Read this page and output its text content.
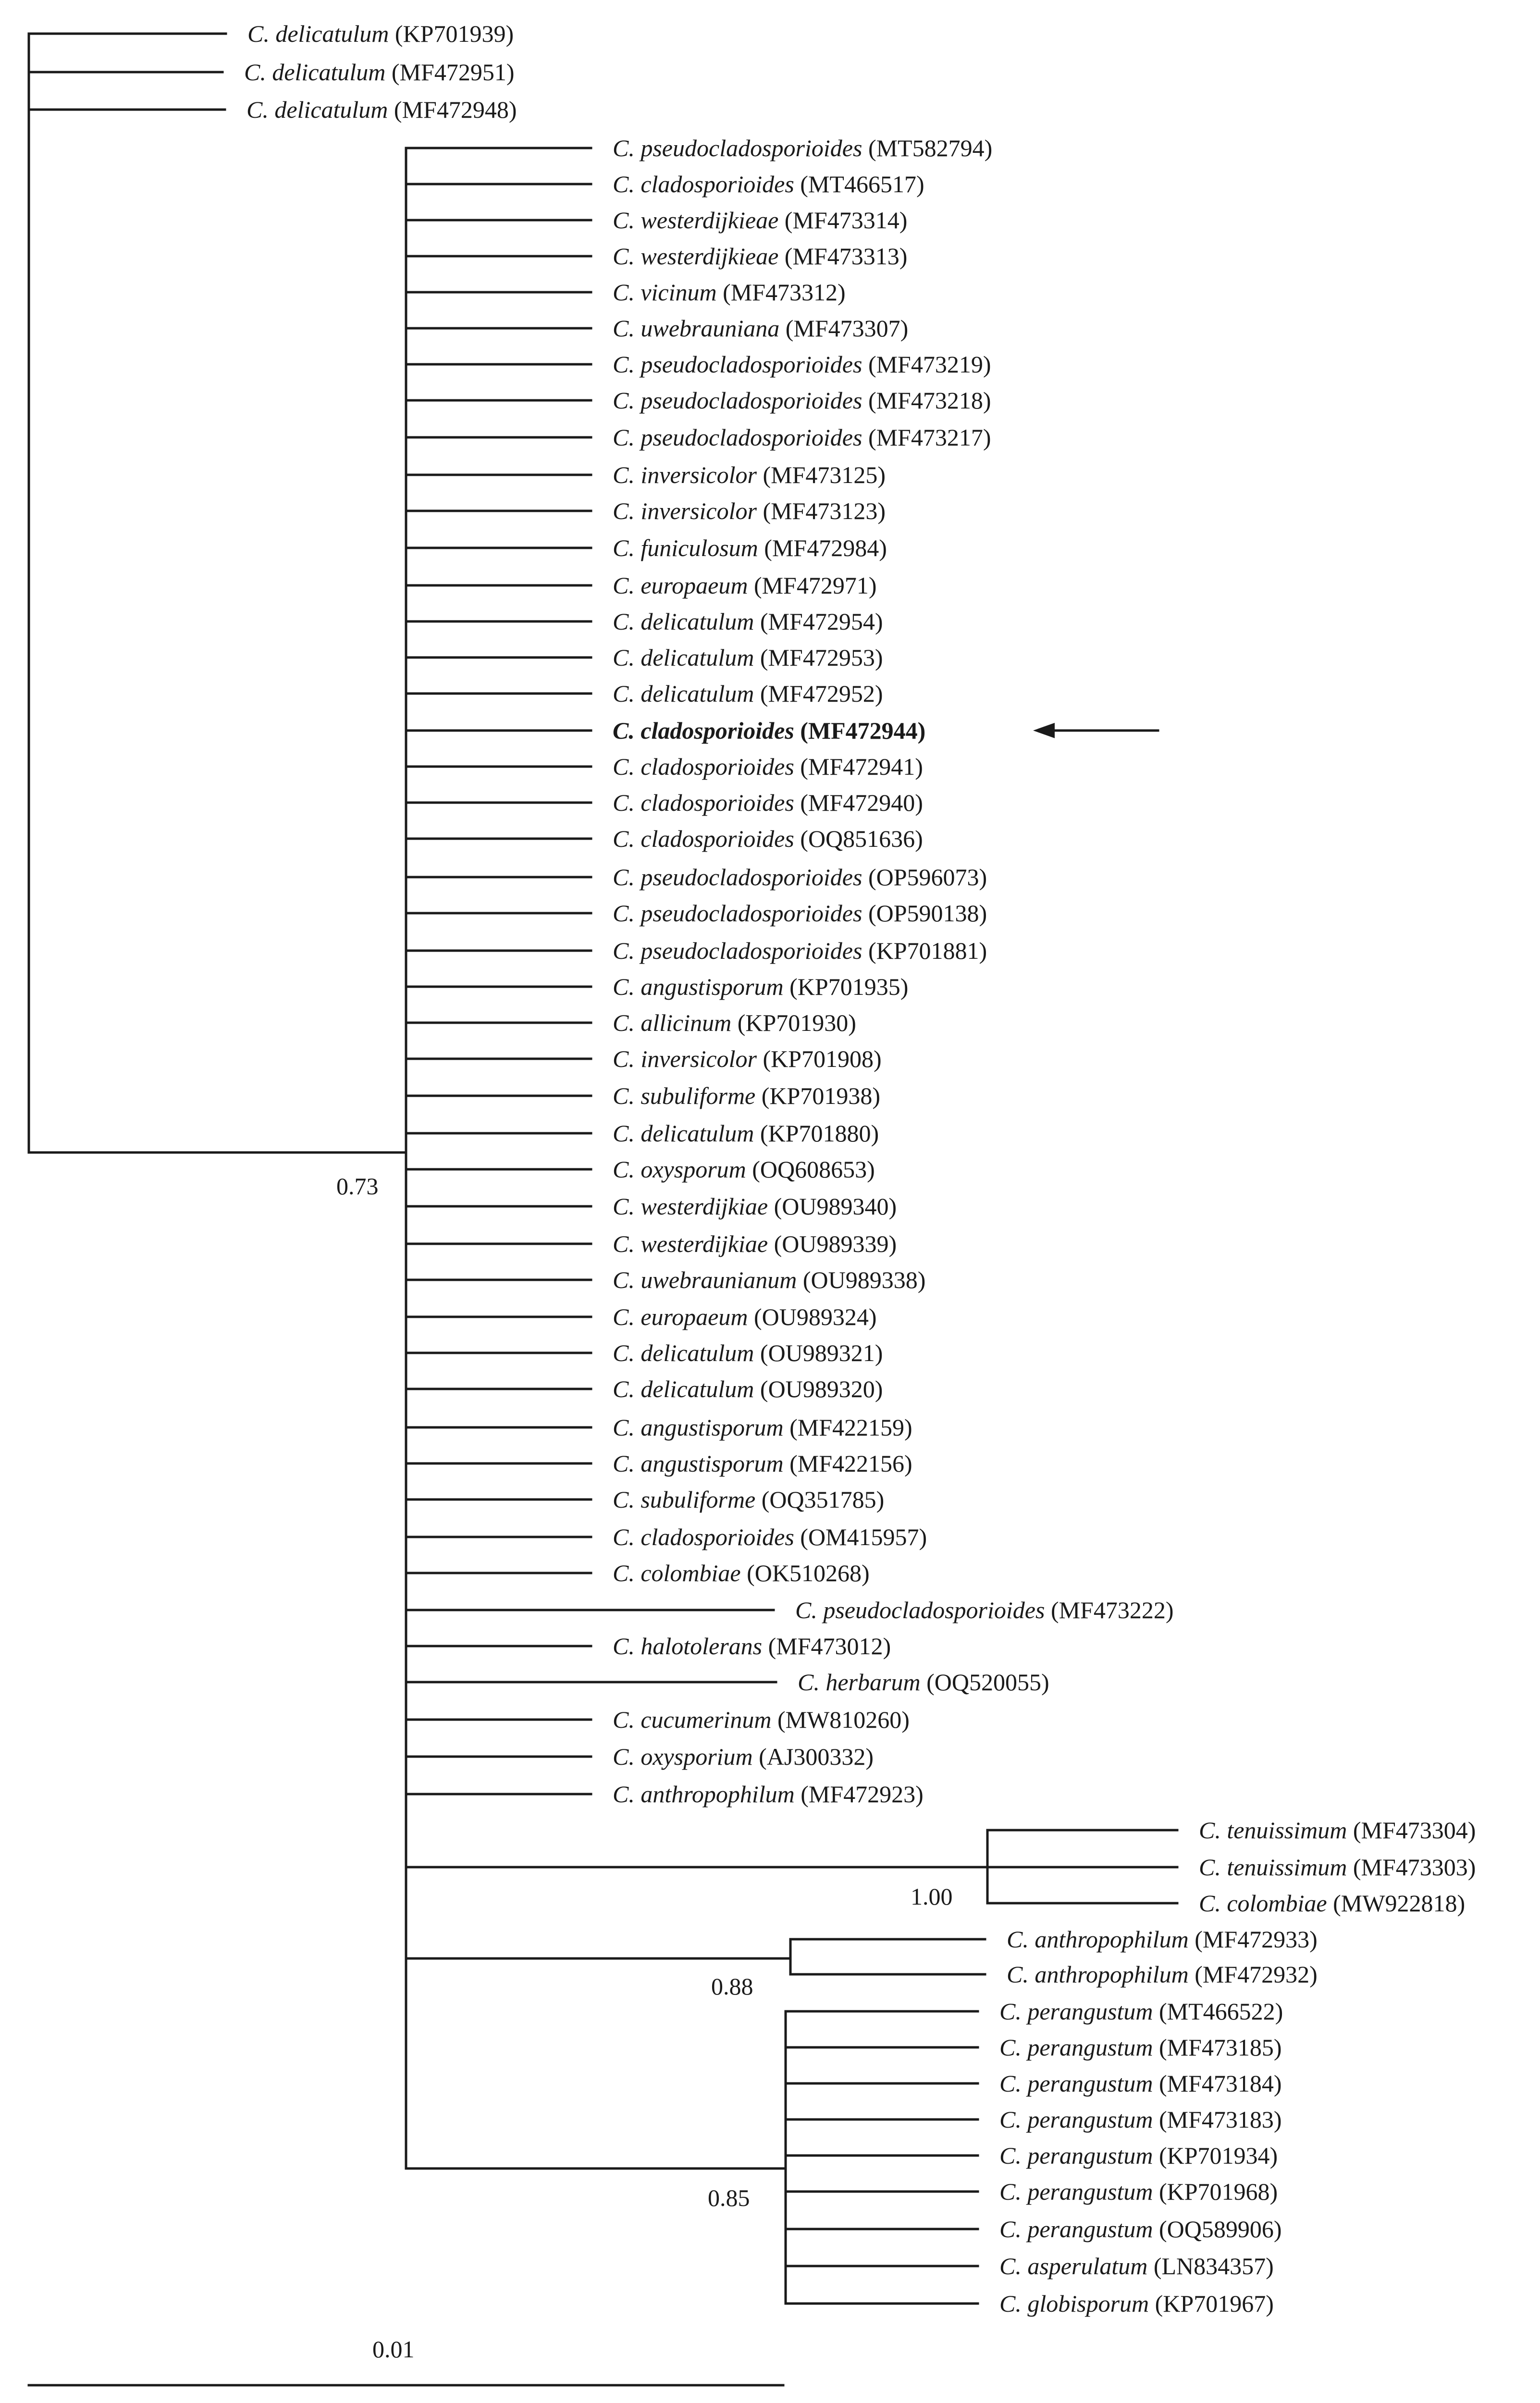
C. delicatulum (KP701939)
C. delicatulum (MF472951)
C. delicatulum (MF472948)
C. pseudocladosporioides (MT582794)
C. cladosporioides (MT466517)
C. westerdijkieae (MF473314)
C. westerdijkieae (MF473313)
C. vicinum (MF473312)
C. uwebrauniana (MF473307)
C. pseudocladosporioides (MF473219)
C. pseudocladosporioides (MF473218)
C. pseudocladosporioides (MF473217)
C. inversicolor (MF473125)
C. inversicolor (MF473123)
C. funiculosum (MF472984)
C. europaeum (MF472971)
C. delicatulum (MF472954)
C. delicatulum (MF472953)
C. delicatulum (MF472952)
C. cladosporioides (MF472944)
C. cladosporioides (MF472941)
C. cladosporioides (MF472940)
C. cladosporioides (OQ851636)
C. pseudocladosporioides (OP596073)
C. pseudocladosporioides (OP590138)
C. pseudocladosporioides (KP701881)
C. angustisporum (KP701935)
C. allicinum (KP701930)
C. inversicolor (KP701908)
C. subuliforme (KP701938)
C. delicatulum (KP701880)
C. oxysporum (OQ608653)
C. westerdijkiae (OU989340)
C. westerdijkiae (OU989339)
C. uwebraunianum (OU989338)
C. europaeum (OU989324)
C. delicatulum (OU989321)
C. delicatulum (OU989320)
C. angustisporum (MF422159)
C. angustisporum (MF422156)
C. subuliforme (OQ351785)
C. cladosporioides (OM415957)
C. colombiae (OK510268)
C. pseudocladosporioides (MF473222)
C. halotolerans (MF473012)
C. herbarum (OQ520055)
C. cucumerinum (MW810260)
C. oxysporium (AJ300332)
C. anthropophilum (MF472923)
C. tenuissimum (MF473304)
C. tenuissimum (MF473303)
C. colombiae (MW922818)
C. anthropophilum (MF472933)
C. anthropophilum (MF472932)
C. perangustum (MT466522)
C. perangustum (MF473185)
C. perangustum (MF473184)
C. perangustum (MF473183)
C. perangustum (KP701934)
C. perangustum (KP701968)
C. perangustum (OQ589906)
C. asperulatum (LN834357)
C. globisporum (KP701967)
0.73
1.00
0.88
0.85
0.01
